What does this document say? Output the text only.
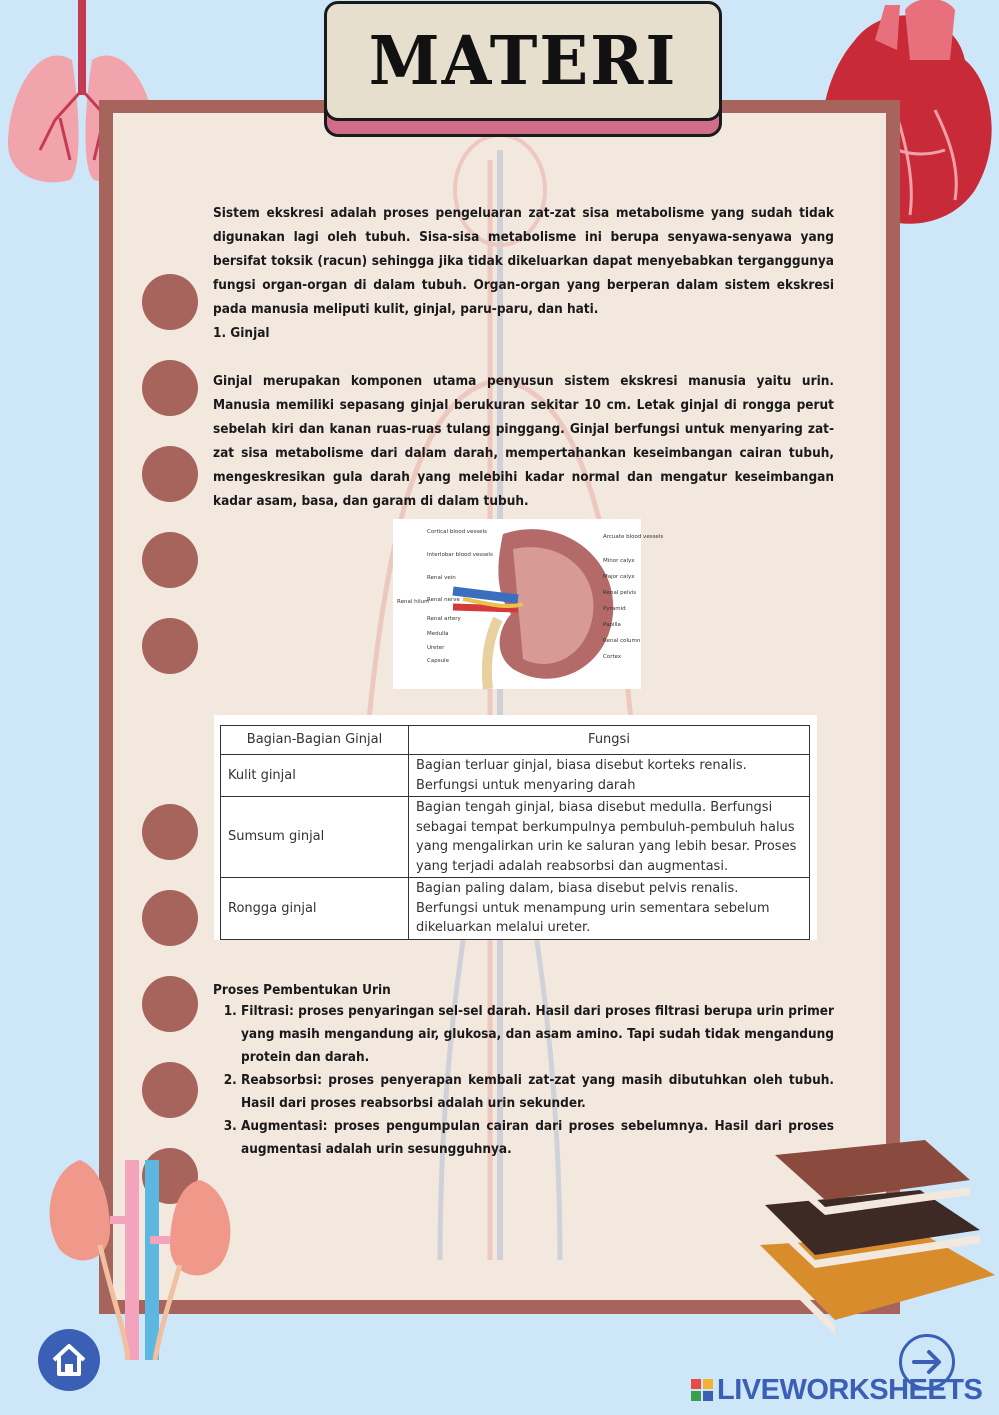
MATERI
Sistem ekskresi adalah proses pengeluaran zat-zat sisa metabolisme yang sudah tidak digunakan lagi oleh tubuh. Sisa-sisa metabolisme ini berupa senyawa-senyawa yang bersifat toksik (racun) sehingga jika tidak dikeluarkan dapat menyebabkan terganggunya fungsi organ-organ di dalam tubuh. Organ-organ yang berperan dalam sistem ekskresi pada manusia meliputi kulit, ginjal, paru-paru, dan hati.
1. Ginjal
Ginjal merupakan komponen utama penyusun sistem ekskresi manusia yaitu urin. Manusia memiliki sepasang ginjal berukuran sekitar 10 cm. Letak ginjal di rongga perut sebelah kiri dan kanan ruas-ruas tulang pinggang. Ginjal berfungsi untuk menyaring zat-zat sisa metabolisme dari dalam darah, mempertahankan keseimbangan cairan tubuh, mengeskresikan gula darah yang melebihi kadar normal dan mengatur keseimbangan kadar asam, basa, dan garam di dalam tubuh.
Cortical blood vessels
Interlobar blood vessels
Renal vein
Renal nerve
Renal artery
Medulla
Ureter
Capsule
Renal hilum
Arcuate blood vessels
Minor calyx
Major calyx
Renal pelvis
Pyramid
Papilla
Renal column
Cortex
Bagian-Bagian Ginjal	Fungsi
Kulit ginjal	Bagian terluar ginjal, biasa disebut korteks renalis. Berfungsi untuk menyaring darah
Sumsum ginjal	Bagian tengah ginjal, biasa disebut medulla. Berfungsi sebagai tempat berkumpulnya pembuluh-pembuluh halus yang mengalirkan urin ke saluran yang lebih besar. Proses yang terjadi adalah reabsorbsi dan augmentasi.
Rongga ginjal	Bagian paling dalam, biasa disebut pelvis renalis. Berfungsi untuk menampung urin sementara sebelum dikeluarkan melalui ureter.
Proses Pembentukan Urin
1. Filtrasi: proses penyaringan sel-sel darah. Hasil dari proses filtrasi berupa urin primer yang masih mengandung air, glukosa, dan asam amino. Tapi sudah tidak mengandung protein dan darah.
2. Reabsorbsi: proses penyerapan kembali zat-zat yang masih dibutuhkan oleh tubuh. Hasil dari proses reabsorbsi adalah urin sekunder.
3. Augmentasi: proses pengumpulan cairan dari proses sebelumnya. Hasil dari proses augmentasi adalah urin sesungguhnya.
LIVEWORKSHEETS
